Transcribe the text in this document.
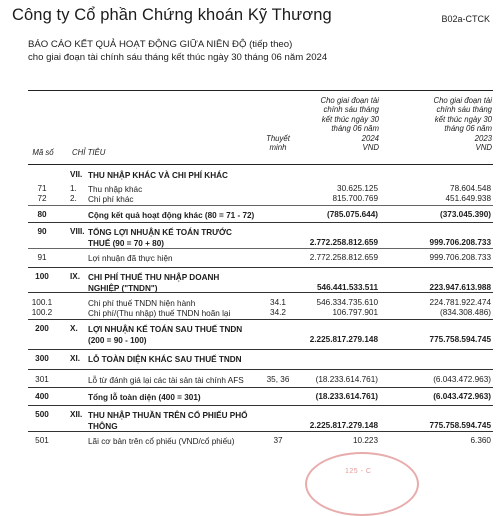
Công ty Cổ phần Chứng khoán Kỹ Thương	B02a-CTCK
BÁO CÁO KẾT QUẢ HOẠT ĐỘNG GIỮA NIÊN ĐỘ (tiếp theo)
cho giai đoạn tài chính sáu tháng kết thúc ngày 30 tháng 06 năm 2024
Mã số	CHỈ TIÊU
Thuyết
minh
Cho giai đoạn tài
chính sáu tháng
kết thúc ngày 30
tháng 06 năm
2024
VND
Cho giai đoạn tài
chính sáu tháng
kết thúc ngày 30
tháng 06 năm
2023
VND
VII. THU NHẬP KHÁC VÀ CHI PHÍ KHÁC
71	1. Thu nhập khác	30.625.125	78.604.548
72	2. Chi phí khác	815.700.769	451.649.938
80	Cộng kết quả hoạt động khác (80 = 71 - 72)	(785.075.644)	(373.045.390)
90	VIII. TỔNG LỢI NHUẬN KẾ TOÁN TRƯỚC
THUẾ (90 = 70 + 80)	2.772.258.812.659	999.706.208.733
91	Lợi nhuận đã thực hiện	2.772.258.812.659	999.706.208.733
100	IX. CHI PHÍ THUẾ THU NHẬP DOANH
NGHIỆP ("TNDN")	546.441.533.511	223.947.613.988
100.1	Chi phí thuế TNDN hiện hành	34.1	546.334.735.610	224.781.922.474
100.2	Chi phí/(Thu nhập) thuế TNDN hoãn lại	34.2	106.797.901	(834.308.486)
200	X. LỢI NHUẬN KẾ TOÁN SAU THUẾ TNDN
(200 = 90 - 100)	2.225.817.279.148	775.758.594.745
300	XI. LỖ TOÀN DIỆN KHÁC SAU THUẾ TNDN
301	Lỗ từ đánh giá lại các tài sản tài chính AFS	35, 36	(18.233.614.761)	(6.043.472.963)
400	Tổng lỗ toàn diện (400 = 301)	(18.233.614.761)	(6.043.472.963)
500	XII. THU NHẬP THUẦN TRÊN CỔ PHIẾU PHỔ
THÔNG	2.225.817.279.148	775.758.594.745
501	Lãi cơ bản trên cổ phiếu (VND/cổ phiếu)	37	10.223	6.360
125 - C
